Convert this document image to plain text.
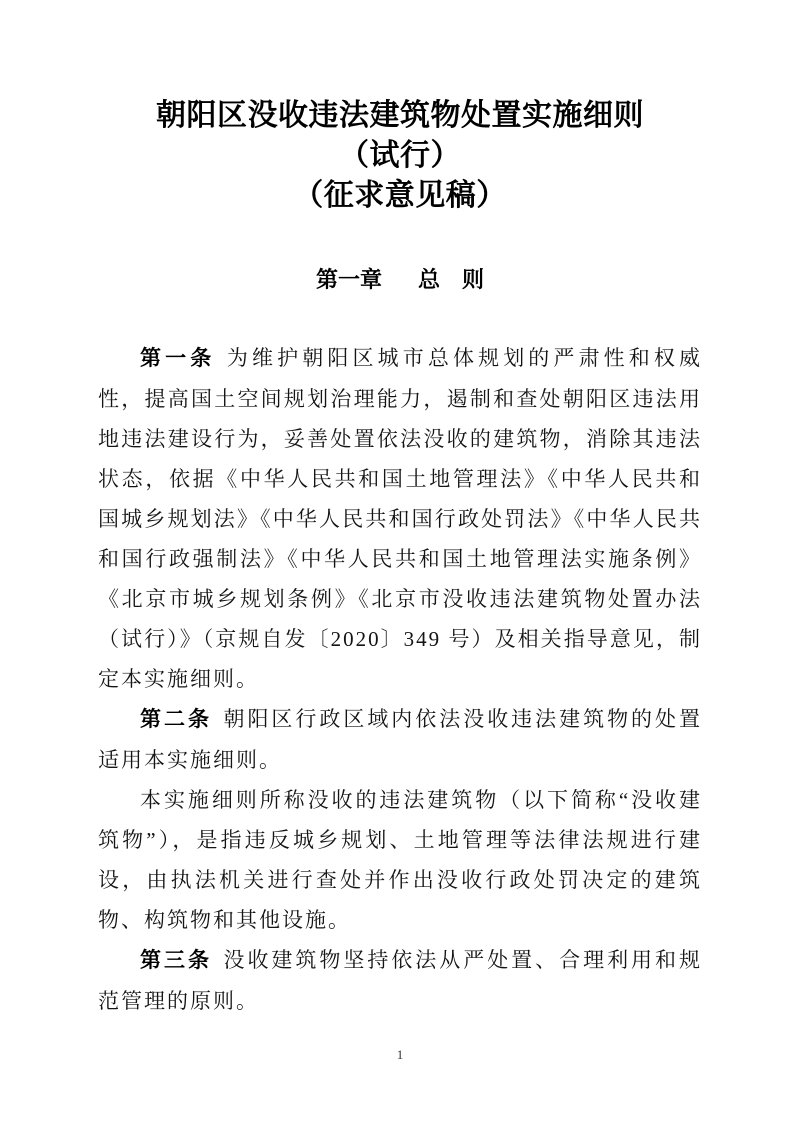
朝阳区没收违法建筑物处置实施细则
（试行）
（征求意见稿）
第一章 总　则

第一条 为维护朝阳区城市总体规划的严肃性和权威性，提高国土空间规划治理能力，遏制和查处朝阳区违法用地违法建设行为，妥善处置依法没收的建筑物，消除其违法状态，依据《中华人民共和国土地管理法》《中华人民共和国城乡规划法》《中华人民共和国行政处罚法》《中华人民共和国行政强制法》《中华人民共和国土地管理法实施条例》《北京市城乡规划条例》《北京市没收违法建筑物处置办法（试行）》（京规自发〔2020〕349 号）及相关指导意见，制定本实施细则。

第二条 朝阳区行政区域内依法没收违法建筑物的处置适用本实施细则。

本实施细则所称没收的违法建筑物（以下简称“没收建筑物”），是指违反城乡规划、土地管理等法律法规进行建设，由执法机关进行查处并作出没收行政处罚决定的建筑物、构筑物和其他设施。

第三条 没收建筑物坚持依法从严处置、合理利用和规范管理的原则。

1
